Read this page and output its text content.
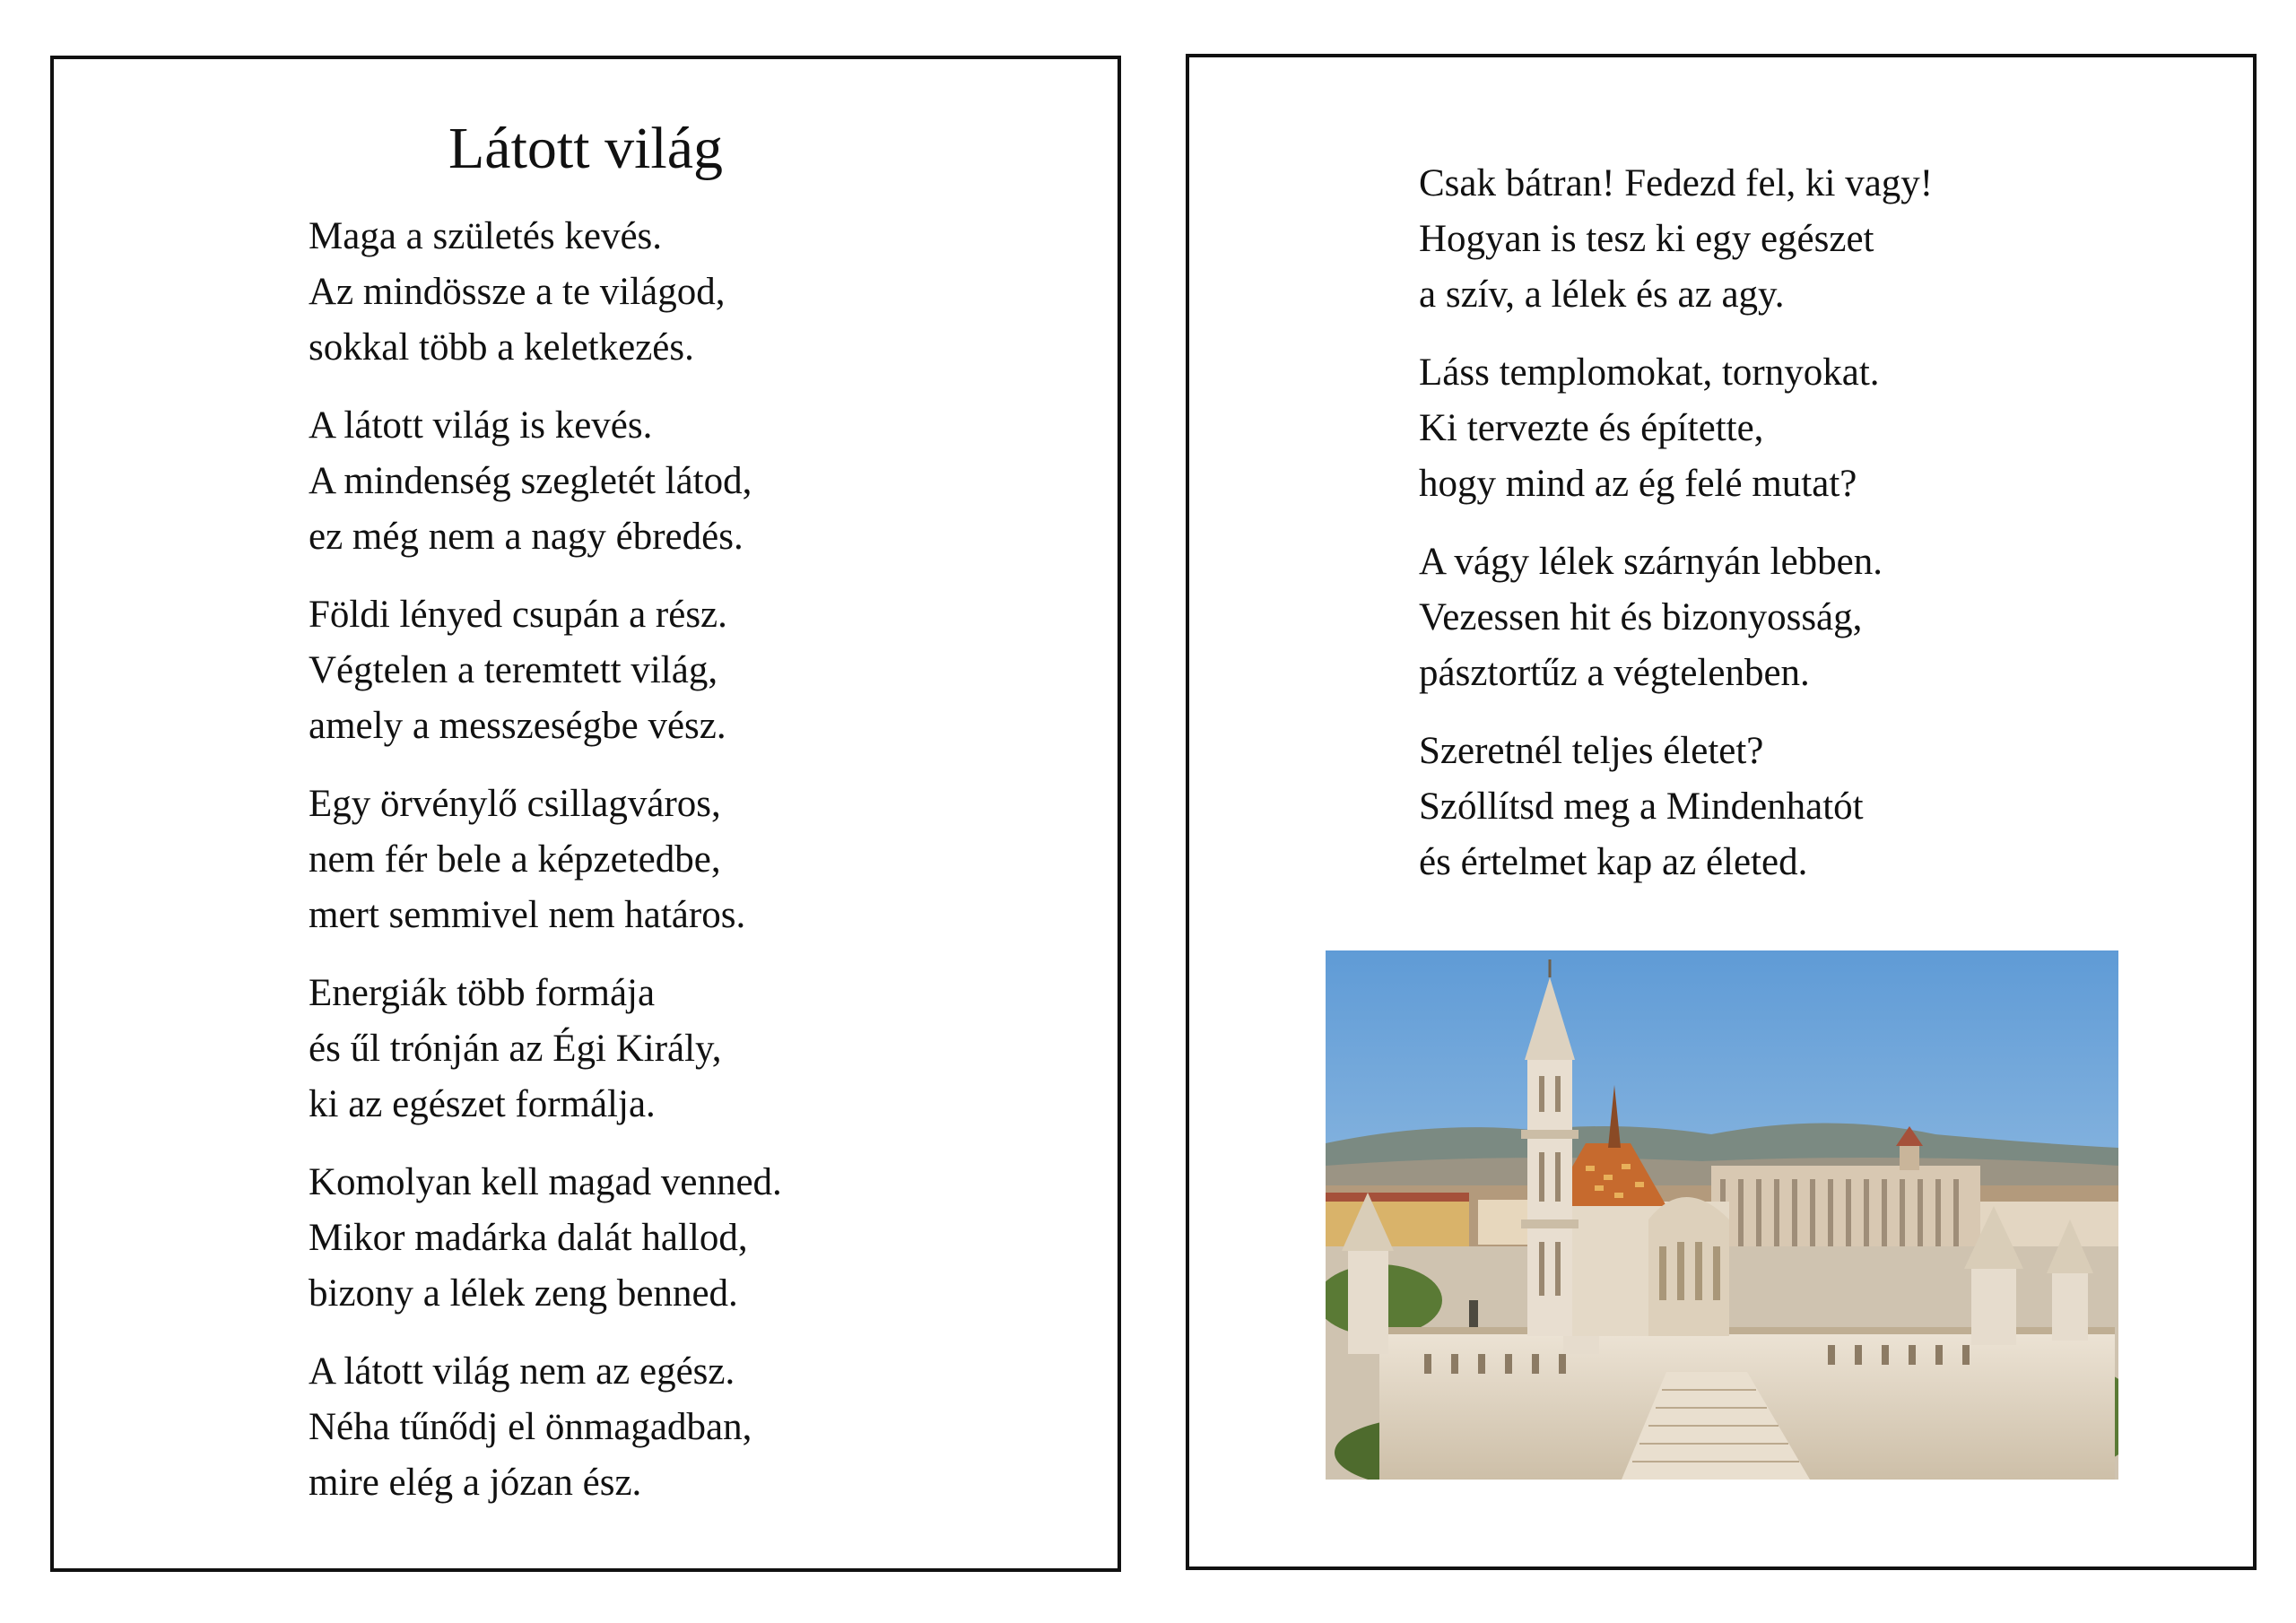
Látott világ
Maga a születés kevés.
Az mindössze a te világod,
sokkal több a keletkezés.
A látott világ is kevés.
A mindenség szegletét látod,
ez még nem a nagy ébredés.
Földi lényed csupán a rész.
Végtelen a teremtett világ,
amely a messzeségbe vész.
Egy örvénylő csillagváros,
nem fér bele a képzetedbe,
mert semmivel nem határos.
Energiák több formája
és űl trónján az Égi Király,
ki az egészet formálja.
Komolyan kell magad venned.
Mikor madárka dalát hallod,
bizony a lélek zeng benned.
A látott világ nem az egész.
Néha tűnődj el önmagadban,
mire elég a józan ész.
Csak bátran! Fedezd fel, ki vagy!
Hogyan is tesz ki egy egészet
a szív, a lélek és az agy.
Láss templomokat, tornyokat.
Ki tervezte és építette,
hogy mind az ég felé mutat?
A vágy lélek szárnyán lebben.
Vezessen hit és bizonyosság,
pásztortűz a végtelenben.
Szeretnél teljes életet?
Szóllítsd meg a Mindenhatót
és értelmet kap az életed.
